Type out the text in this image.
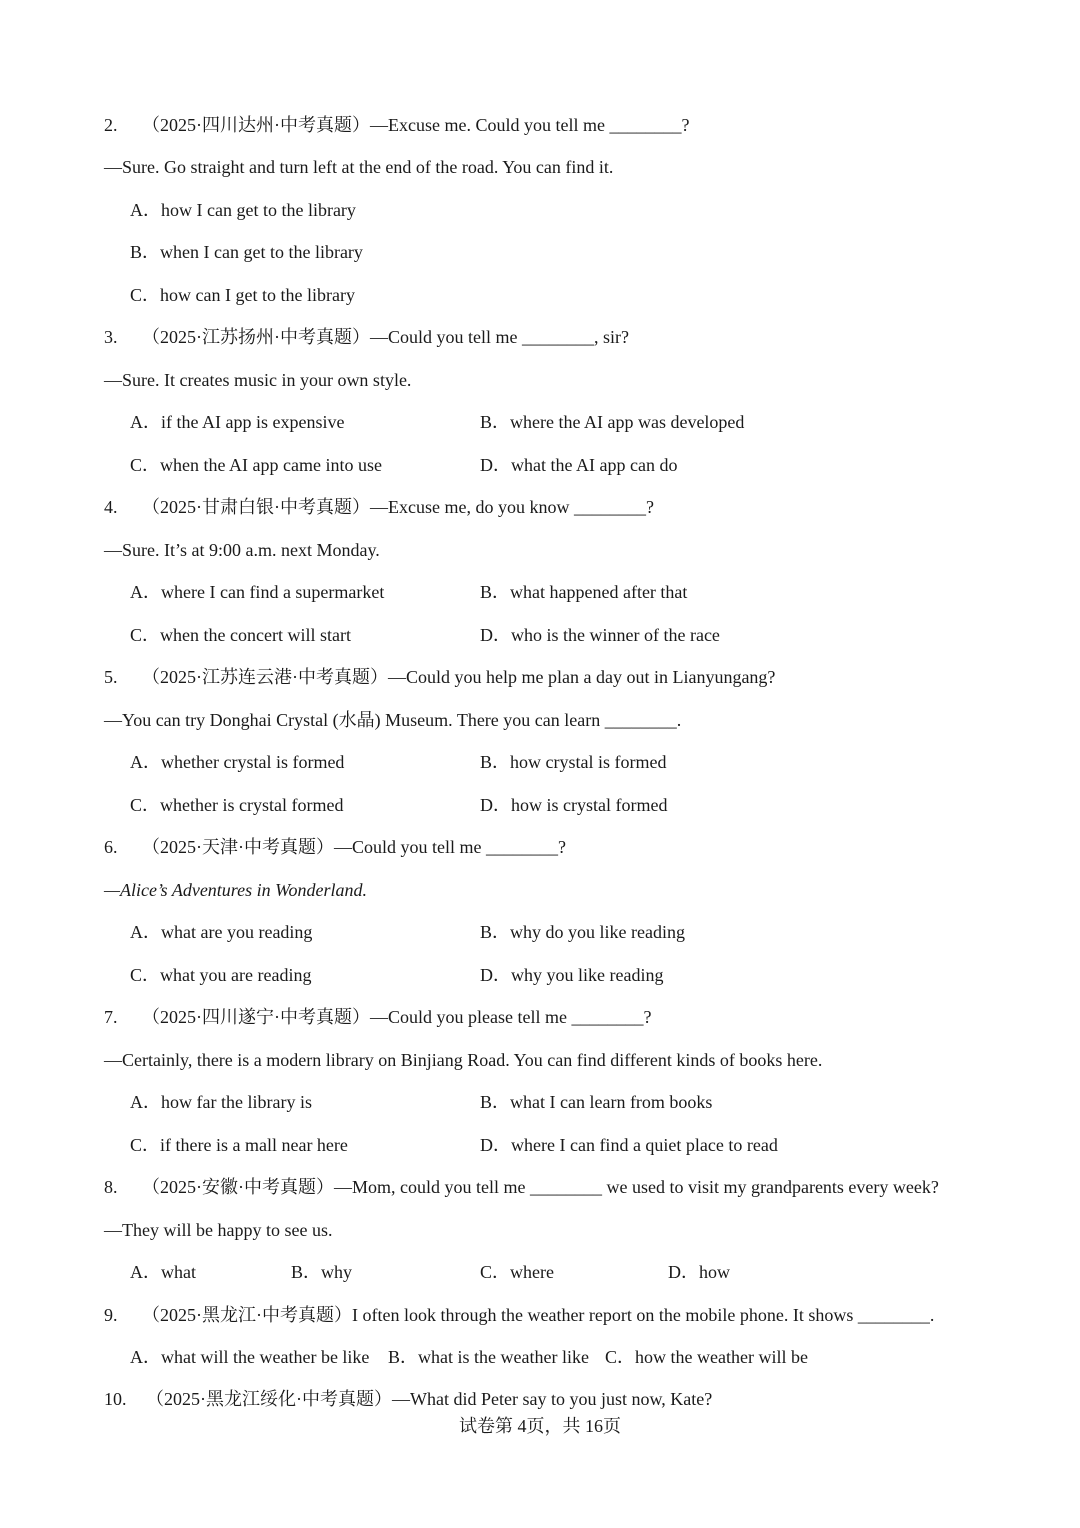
2. （2025·四川达州·中考真题）—Excuse me. Could you tell me ________?
—Sure. Go straight and turn left at the end of the road. You can find it.
A．how I can get to the library
B．when I can get to the library
C．how can I get to the library
3. （2025·江苏扬州·中考真题）—Could you tell me ________, sir?
—Sure. It creates music in your own style.
A．if the AI app is expensive	B．where the AI app was developed
C．when the AI app came into use	D．what the AI app can do
4. （2025·甘肃白银·中考真题）—Excuse me, do you know ________?
—Sure. It’s at 9:00 a.m. next Monday.
A．where I can find a supermarket	B．what happened after that
C．when the concert will start	D．who is the winner of the race
5. （2025·江苏连云港·中考真题）—Could you help me plan a day out in Lianyungang?
—You can try Donghai Crystal (水晶) Museum. There you can learn ________.
A．whether crystal is formed	B．how crystal is formed
C．whether is crystal formed	D．how is crystal formed
6. （2025·天津·中考真题）—Could you tell me ________?
—Alice’s Adventures in Wonderland.
A．what are you reading	B．why do you like reading
C．what you are reading	D．why you like reading
7. （2025·四川遂宁·中考真题）—Could you please tell me ________?
—Certainly, there is a modern library on Binjiang Road. You can find different kinds of books here.
A．how far the library is	B．what I can learn from books
C．if there is a mall near here	D．where I can find a quiet place to read
8. （2025·安徽·中考真题）—Mom, could you tell me ________ we used to visit my grandparents every week?
—They will be happy to see us.
A．what	B．why	C．where	D．how
9. （2025·黑龙江·中考真题）I often look through the weather report on the mobile phone. It shows ________.
A．what will the weather be like B．what is the weather like C．how the weather will be
10. （2025·黑龙江绥化·中考真题）—What did Peter say to you just now, Kate?
试卷第 4页，共 16页
